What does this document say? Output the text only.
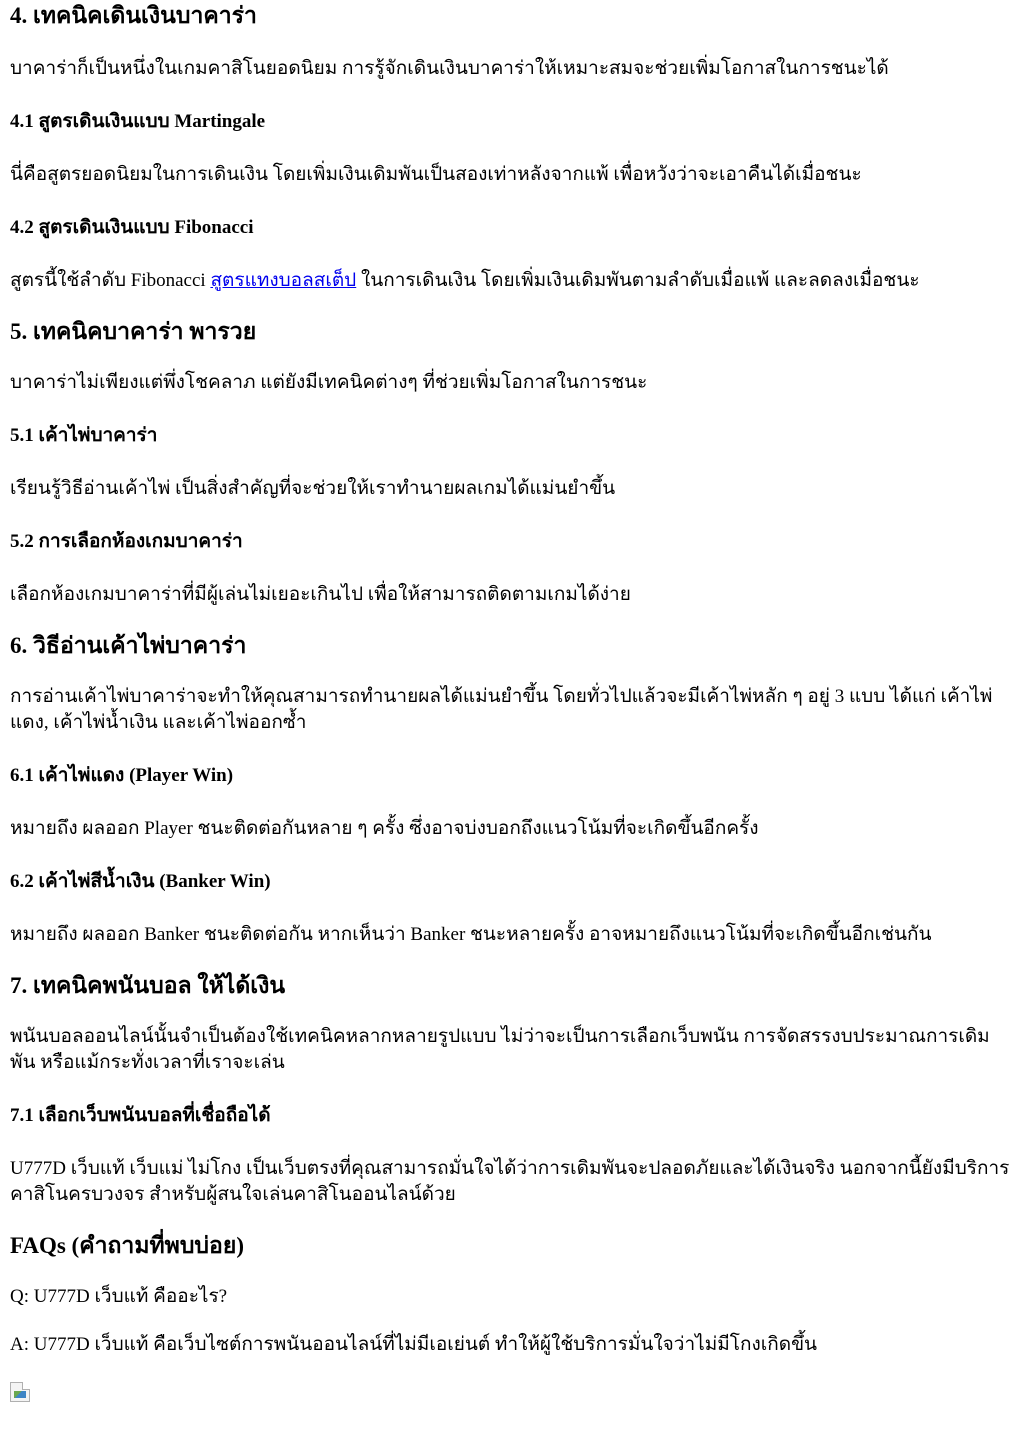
4. เทคนิคเดินเงินบาคาร่า

บาคาร่าก็เป็นหนึ่งในเกมคาสิโนยอดนิยม การรู้จักเดินเงินบาคาร่าให้เหมาะสมจะช่วยเพิ่มโอกาสในการชนะได้

4.1 สูตรเดินเงินแบบ Martingale

นี่คือสูตรยอดนิยมในการเดินเงิน โดยเพิ่มเงินเดิมพันเป็นสองเท่าหลังจากแพ้ เพื่อหวังว่าจะเอาคืนได้เมื่อชนะ

4.2 สูตรเดินเงินแบบ Fibonacci

สูตรนี้ใช้ลำดับ Fibonacci สูตรแทงบอลสเต็ป ในการเดินเงิน โดยเพิ่มเงินเดิมพันตามลำดับเมื่อแพ้ และลดลงเมื่อชนะ

5. เทคนิคบาคาร่า พารวย

บาคาร่าไม่เพียงแต่พึ่งโชคลาภ แต่ยังมีเทคนิคต่างๆ ที่ช่วยเพิ่มโอกาสในการชนะ

5.1 เค้าไพ่บาคาร่า

เรียนรู้วิธีอ่านเค้าไพ่ เป็นสิ่งสำคัญที่จะช่วยให้เราทำนายผลเกมได้แม่นยำขึ้น

5.2 การเลือกห้องเกมบาคาร่า

เลือกห้องเกมบาคาร่าที่มีผู้เล่นไม่เยอะเกินไป เพื่อให้สามารถติดตามเกมได้ง่าย

6. วิธีอ่านเค้าไพ่บาคาร่า

การอ่านเค้าไพ่บาคาร่าจะทำให้คุณสามารถทำนายผลได้แม่นยำขึ้น โดยทั่วไปแล้วจะมีเค้าไพ่หลัก ๆ อยู่ 3 แบบ ได้แก่ เค้าไพ่แดง, เค้าไพ่น้ำเงิน และเค้าไพ่ออกซ้ำ

6.1 เค้าไพ่แดง (Player Win)

หมายถึง ผลออก Player ชนะติดต่อกันหลาย ๆ ครั้ง ซึ่งอาจบ่งบอกถึงแนวโน้มที่จะเกิดขึ้นอีกครั้ง

6.2 เค้าไพ่สีน้ำเงิน (Banker Win)

หมายถึง ผลออก Banker ชนะติดต่อกัน หากเห็นว่า Banker ชนะหลายครั้ง อาจหมายถึงแนวโน้มที่จะเกิดขึ้นอีกเช่นกัน

7. เทคนิคพนันบอล ให้ได้เงิน

พนันบอลออนไลน์นั้นจำเป็นต้องใช้เทคนิคหลากหลายรูปแบบ ไม่ว่าจะเป็นการเลือกเว็บพนัน การจัดสรรงบประมาณการเดิมพัน หรือแม้กระทั่งเวลาที่เราจะเล่น

7.1 เลือกเว็บพนันบอลที่เชื่อถือได้

U777D เว็บแท้ เว็บแม่ ไม่โกง เป็นเว็บตรงที่คุณสามารถมั่นใจได้ว่าการเดิมพันจะปลอดภัยและได้เงินจริง นอกจากนี้ยังมีบริการคาสิโนครบวงจร สำหรับผู้สนใจเล่นคาสิโนออนไลน์ด้วย

FAQs (คำถามที่พบบ่อย)

Q: U777D เว็บแท้ คืออะไร?

A: U777D เว็บแท้ คือเว็บไซต์การพนันออนไลน์ที่ไม่มีเอเย่นต์ ทำให้ผู้ใช้บริการมั่นใจว่าไม่มีโกงเกิดขึ้น
